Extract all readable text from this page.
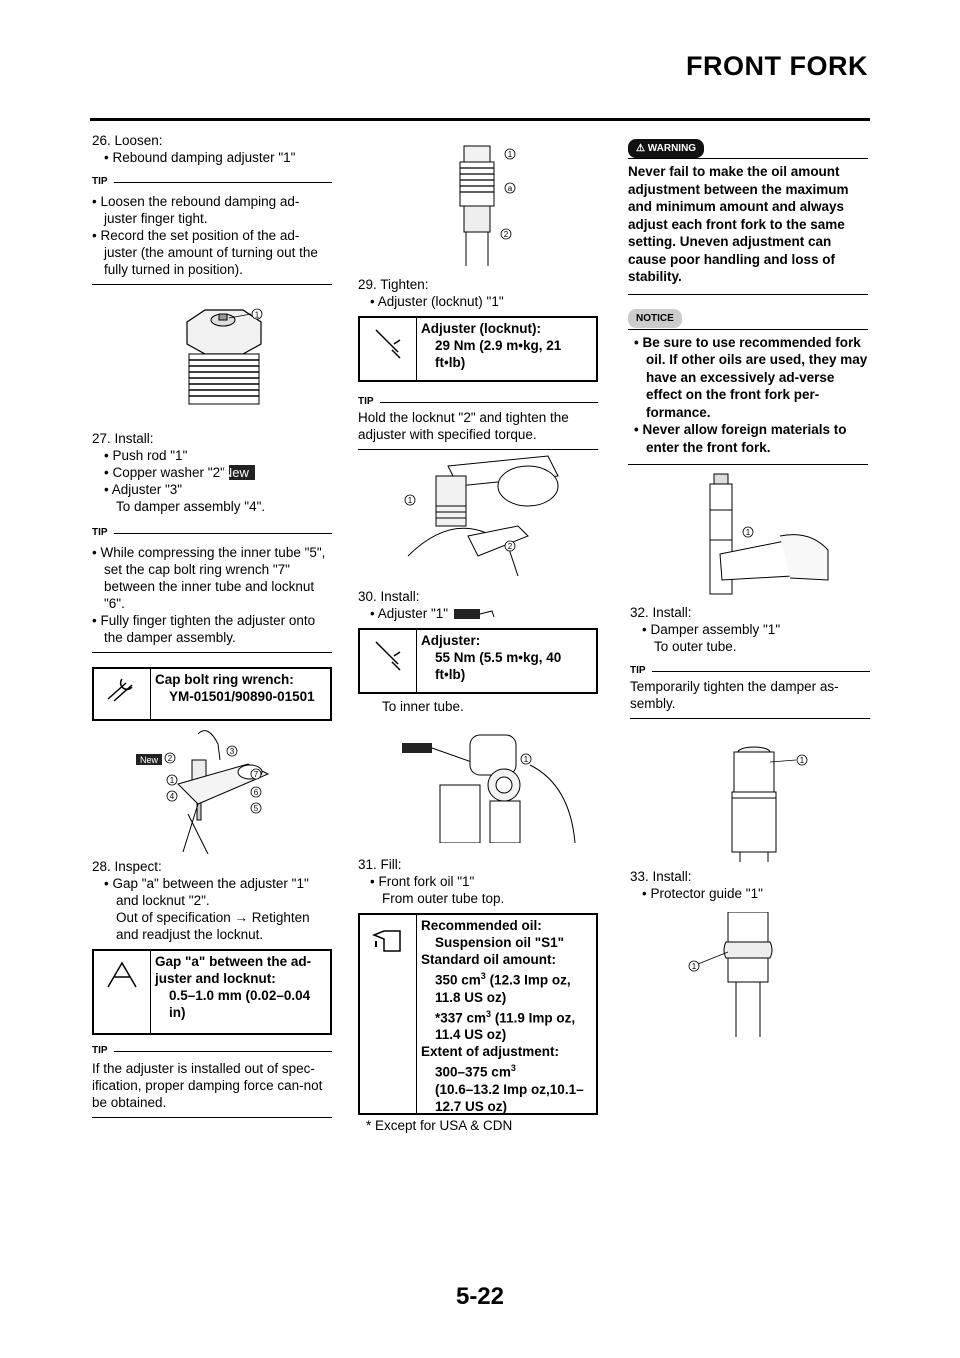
FRONT FORK

26. Loosen:

• Rebound damping adjuster "1"

TIP

• Loosen the rebound damping ad-juster finger tight.

• Record the set position of the ad-juster (the amount of turning out the fully turned in position).

1

27. Install:

• Push rod "1"

• Copper washer "2"New

• Adjuster "3"

To damper assembly "4".

TIP

• While compressing the inner tube "5", set the cap bolt ring wrench "7" between the inner tube and locknut "6".

• Fully finger tighten the adjuster onto the damper assembly.

Cap bolt ring wrench:
YM-01501/90890-01501
New 2
3
1
4
7
6
5

28. Inspect:

• Gap "a" between the adjuster "1" and locknut "2".

Out of specification → Retighten and readjust the locknut.

Gap "a" between the ad-juster and locknut:
0.5–1.0 mm (0.02–0.04 in)
TIP
If the adjuster is installed out of spec-ification, proper damping force can-not be obtained.
1
a
2

29. Tighten:

• Adjuster (locknut) "1"

Adjuster (locknut):
29 Nm (2.9 m•kg, 21 ft•lb)
TIP
Hold the locknut "2" and tighten the adjuster with specified torque.
1
2

30. Install:

• Adjuster "1"

Adjuster:
55 Nm (5.5 m•kg, 40 ft•lb)

To inner tube.

1

31. Fill:

• Front fork oil "1"

From outer tube top.

Recommended oil:
Suspension oil "S1"
Standard oil amount:
350 $cm^3$ (12.3 Imp oz, 11.8 US oz)
*337 $cm^3$ (11.9 Imp oz, 11.4 US oz)
Extent of adjustment:
300–375 $cm^3$
(10.6–13.2 Imp oz,10.1–12.7 US oz)

* Except for USA & CDN

⚠ WARNING
Never fail to make the oil amount adjustment between the maximum and minimum amount and always adjust each front fork to the same setting. Uneven adjustment can cause poor handling and loss of stability.
NOTICE

• Be sure to use recommended fork oil. If other oils are used, they may have an excessively ad-verse effect on the front fork per-formance.

• Never allow foreign materials to enter the front fork.

1

32. Install:

• Damper assembly "1"

To outer tube.

TIP
Temporarily tighten the damper as-sembly.
1

33. Install:

• Protector guide "1"

1
5-22
